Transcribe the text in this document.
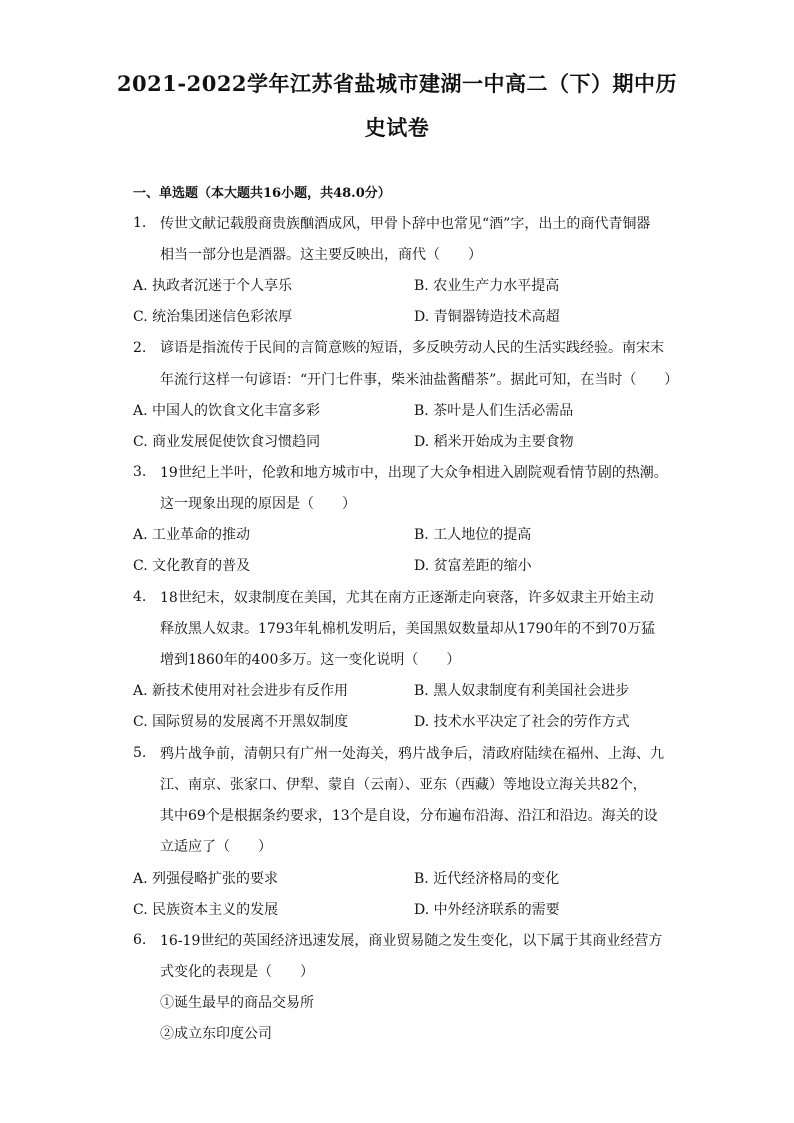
2021-2022学年江苏省盐城市建湖一中高二（下）期中历
史试卷
一、单选题（本大题共16小题，共48.0分）
1. 传世文献记载殷商贵族酗酒成风，甲骨卜辞中也常见“酒”字，出土的商代青铜器
相当一部分也是酒器。这主要反映出，商代（　　）
A. 执政者沉迷于个人享乐	B. 农业生产力水平提高
C. 统治集团迷信色彩浓厚	D. 青铜器铸造技术高超
2. 谚语是指流传于民间的言简意赅的短语，多反映劳动人民的生活实践经验。南宋末
年流行这样一句谚语：“开门七件事，柴米油盐酱醋茶”。据此可知，在当时（　　）
A. 中国人的饮食文化丰富多彩	B. 茶叶是人们生活必需品
C. 商业发展促使饮食习惯趋同	D. 稻米开始成为主要食物
3. 19世纪上半叶，伦敦和地方城市中，出现了大众争相进入剧院观看情节剧的热潮。
这一现象出现的原因是（　　）
A. 工业革命的推动	B. 工人地位的提高
C. 文化教育的普及	D. 贫富差距的缩小
4. 18世纪末，奴隶制度在美国，尤其在南方正逐渐走向衰落，许多奴隶主开始主动
释放黑人奴隶。1793年轧棉机发明后，美国黑奴数量却从1790年的不到70万猛
增到1860年的400多万。这一变化说明（　　）
A. 新技术使用对社会进步有反作用	B. 黑人奴隶制度有利美国社会进步
C. 国际贸易的发展离不开黑奴制度	D. 技术水平决定了社会的劳作方式
5. 鸦片战争前，清朝只有广州一处海关，鸦片战争后，清政府陆续在福州、上海、九
江、南京、张家口、伊犁、蒙自（云南）、亚东（西藏）等地设立海关共82个，
其中69个是根据条约要求，13个是自设，分布遍布沿海、沿江和沿边。海关的设
立适应了（　　）
A. 列强侵略扩张的要求	B. 近代经济格局的变化
C. 民族资本主义的发展	D. 中外经济联系的需要
6. 16-19世纪的英国经济迅速发展，商业贸易随之发生变化，以下属于其商业经营方
式变化的表现是（　　）
①诞生最早的商品交易所
②成立东印度公司
